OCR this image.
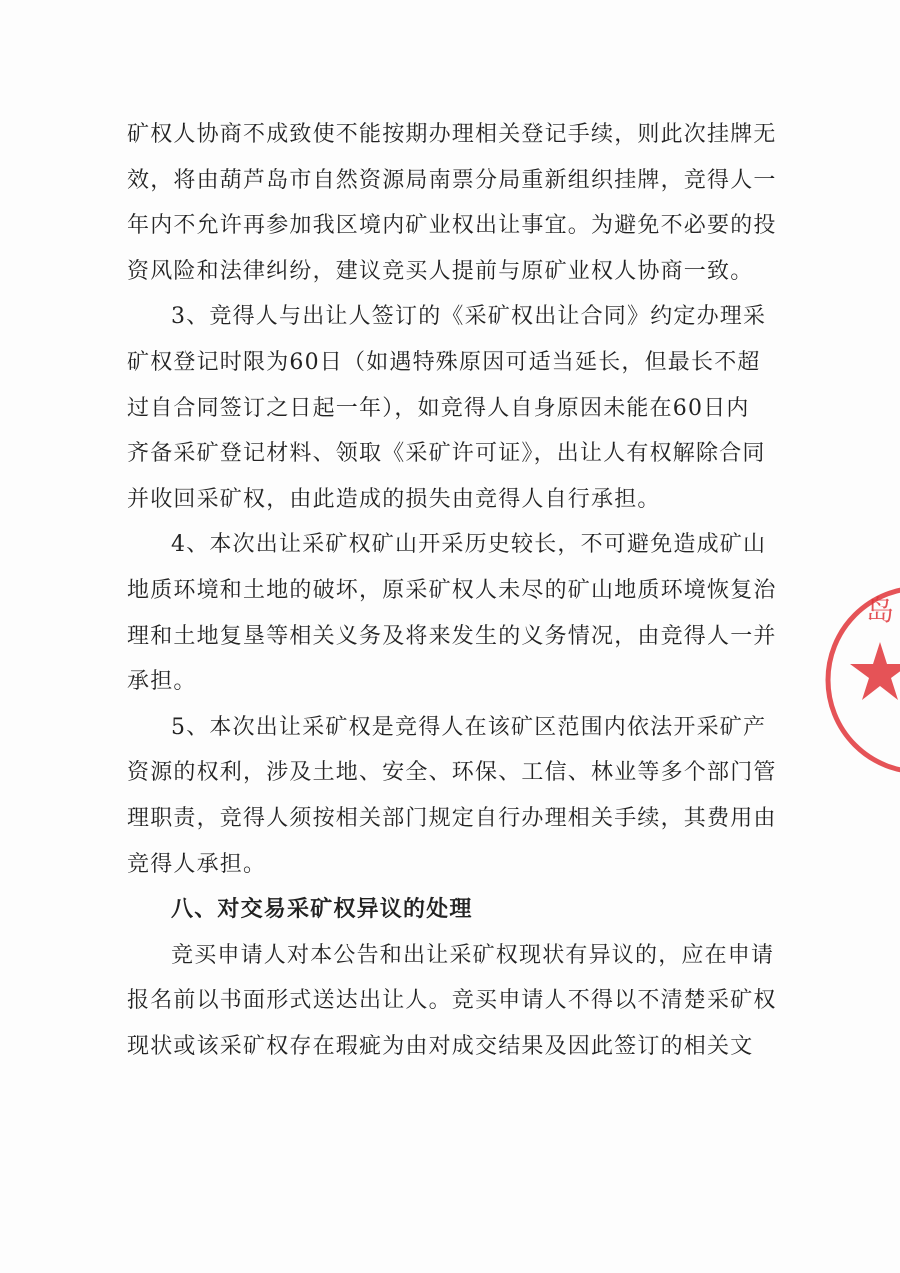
矿权人协商不成致使不能按期办理相关登记手续，则此次挂牌无
效，将由葫芦岛市自然资源局南票分局重新组织挂牌，竞得人一
年内不允许再参加我区境内矿业权出让事宜。为避免不必要的投
资风险和法律纠纷，建议竞买人提前与原矿业权人协商一致。
3、竞得人与出让人签订的《采矿权出让合同》约定办理采
矿权登记时限为60日（如遇特殊原因可适当延长，但最长不超
过自合同签订之日起一年），如竞得人自身原因未能在60日内
齐备采矿登记材料、领取《采矿许可证》，出让人有权解除合同
并收回采矿权，由此造成的损失由竞得人自行承担。
4、本次出让采矿权矿山开采历史较长，不可避免造成矿山
地质环境和土地的破坏，原采矿权人未尽的矿山地质环境恢复治
理和土地复垦等相关义务及将来发生的义务情况，由竞得人一并
承担。
5、本次出让采矿权是竞得人在该矿区范围内依法开采矿产
资源的权利，涉及土地、安全、环保、工信、林业等多个部门管
理职责，竞得人须按相关部门规定自行办理相关手续，其费用由
竞得人承担。
八、对交易采矿权异议的处理
竞买申请人对本公告和出让采矿权现状有异议的，应在申请
报名前以书面形式送达出让人。竞买申请人不得以不清楚采矿权
现状或该采矿权存在瑕疵为由对成交结果及因此签订的相关文
岛
